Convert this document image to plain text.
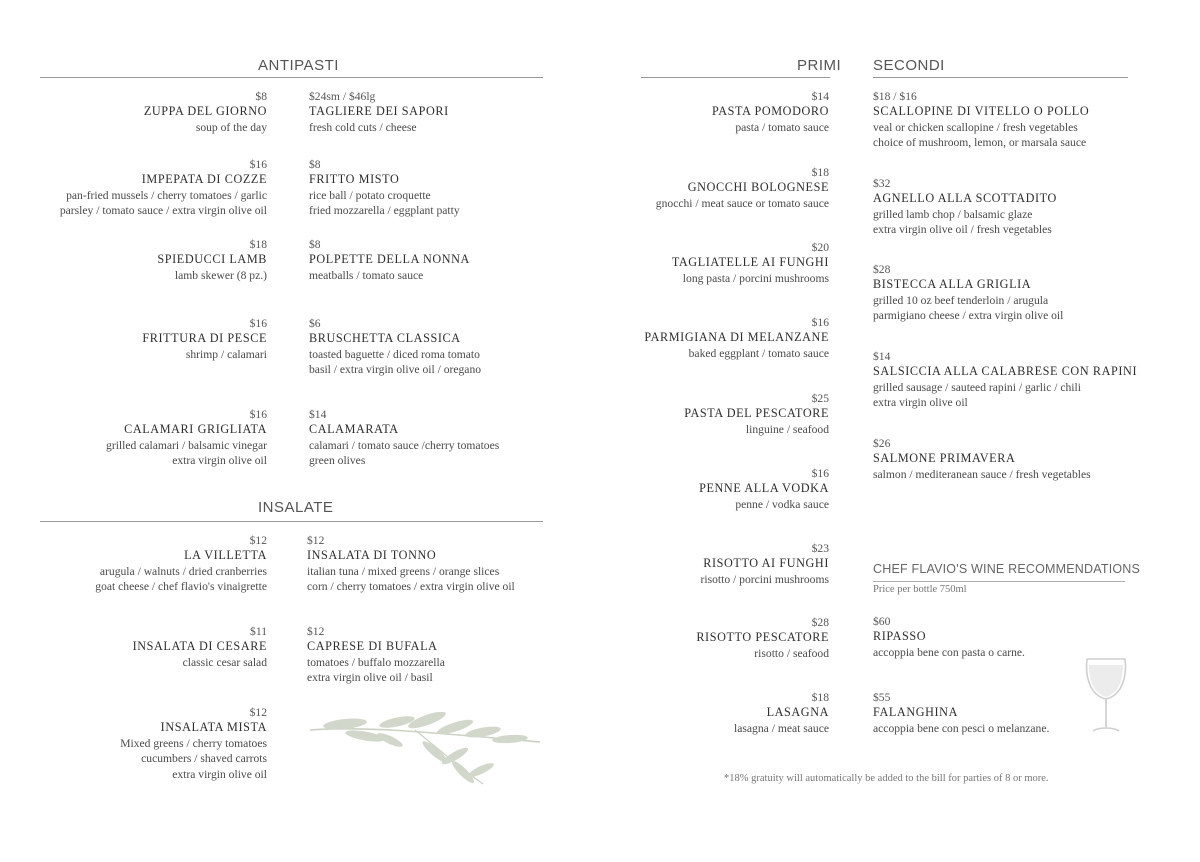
ANTIPASTI
INSALATE
PRIMI SECONDI
$8
ZUPPA DEL GIORNO
soup of the day
$16
IMPEPATA DI COZZE
pan-fried mussels / cherry tomatoes / garlic
parsley / tomato sauce / extra virgin olive oil
$18
SPIEDUCCI LAMB
lamb skewer (8 pz.)
$16
FRITTURA DI PESCE
shrimp / calamari
$16
CALAMARI GRIGLIATA
grilled calamari / balsamic vinegar
extra virgin olive oil
$24sm / $46lg
TAGLIERE DEI SAPORI
fresh cold cuts / cheese
$8
FRITTO MISTO
rice ball / potato croquette
fried mozzarella / eggplant patty
$8
POLPETTE DELLA NONNA
meatballs / tomato sauce
$6
BRUSCHETTA CLASSICA
toasted baguette / diced roma tomato
basil / extra virgin olive oil / oregano
$14
CALAMARATA
calamari / tomato sauce /cherry tomatoes
green olives
$12
LA VILLETTA
arugula / walnuts / dried cranberries
goat cheese / chef flavio's vinaigrette
$11
INSALATA DI CESARE
classic cesar salad
$12
INSALATA MISTA
Mixed greens / cherry tomatoes
cucumbers / shaved carrots
extra virgin olive oil
$12
INSALATA DI TONNO
italian tuna / mixed greens / orange slices
corn / cherry tomatoes / extra virgin olive oil
$12
CAPRESE DI BUFALA
tomatoes / buffalo mozzarella
extra virgin olive oil / basil
$14
PASTA POMODORO
pasta / tomato sauce
$18
GNOCCHI BOLOGNESE
gnocchi / meat sauce or tomato sauce
$20
TAGLIATELLE AI FUNGHI
long pasta / porcini mushrooms
$16
PARMIGIANA DI MELANZANE
baked eggplant / tomato sauce
$25
PASTA DEL PESCATORE
linguine / seafood
$16
PENNE ALLA VODKA
penne / vodka sauce
$23
RISOTTO AI FUNGHI
risotto / porcini mushrooms
$28
RISOTTO PESCATORE
risotto / seafood
$18
LASAGNA
lasagna / meat sauce
$18 / $16
SCALLOPINE DI VITELLO O POLLO
veal or chicken scallopine / fresh vegetables
choice of mushroom, lemon, or marsala sauce
$32
AGNELLO ALLA SCOTTADITO
grilled lamb chop / balsamic glaze
extra virgin olive oil / fresh vegetables
$28
BISTECCA ALLA GRIGLIA
grilled 10 oz beef tenderloin / arugula
parmigiano cheese / extra virgin olive oil
$14
SALSICCIA ALLA CALABRESE CON RAPINI
grilled sausage / sauteed rapini / garlic / chili
extra virgin olive oil
$26
SALMONE PRIMAVERA
salmon / mediteranean sauce / fresh vegetables
CHEF FLAVIO'S WINE RECOMMENDATIONS
Price per bottle 750ml
$60
RIPASSO
accoppia bene con pasta o carne.
$55
FALANGHINA
accoppia bene con pesci o melanzane.
*18% gratuity will automatically be added to the bill for parties of 8 or more.
